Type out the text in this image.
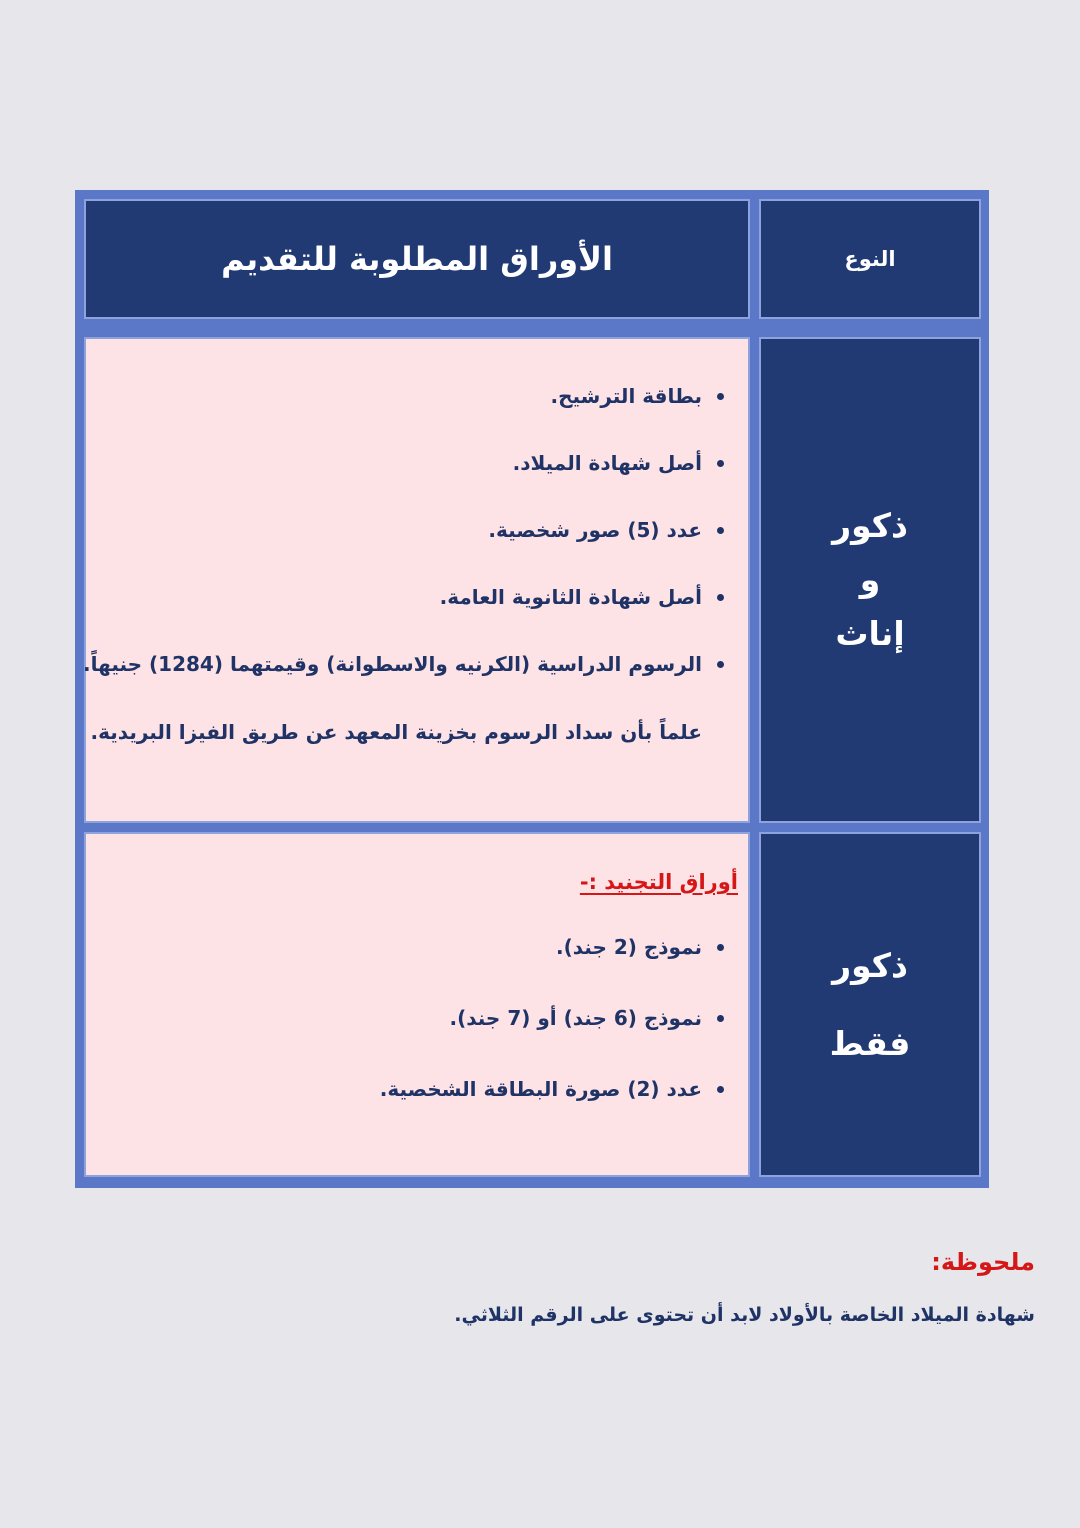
النوع
الأوراق المطلوبة للتقديم
ذكور
و
إناث
بطاقة الترشيح.
أصل شهادة الميلاد.
عدد (5) صور شخصية.
أصل شهادة الثانوية العامة.
الرسوم الدراسية (الكرنيه والاسطوانة) وقيمتهما (1284) جنيهاً.
علماً بأن سداد الرسوم بخزينة المعهد عن طريق الفيزا البريدية.
ذكور
فقط
أوراق التجنيد :-
نموذج (2 جند).
نموذج (6 جند) أو (7 جند).
عدد (2) صورة البطاقة الشخصية.
ملحوظة:
شهادة الميلاد الخاصة بالأولاد لابد أن تحتوى على الرقم الثلاثي.
